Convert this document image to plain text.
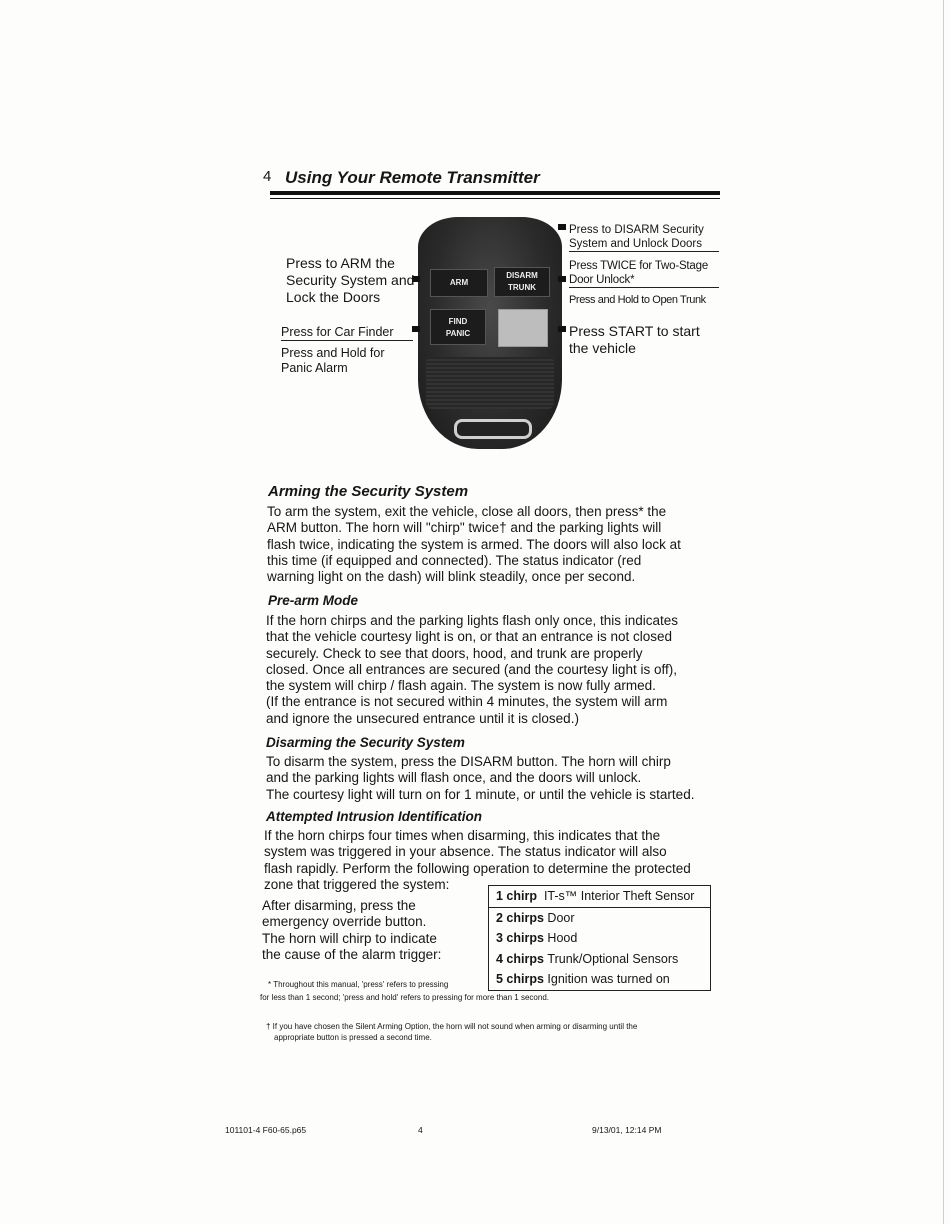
4 Using Your Remote Transmitter
ARM
DISARM
TRUNK
FIND
PANIC
Press to ARM the
Security System and
Lock the Doors
Press for Car Finder
Press and Hold for
Panic Alarm
Press to DISARM Security
System and Unlock Doors
Press TWICE for Two-Stage
Door Unlock*
Press and Hold to Open Trunk
Press START to start
the vehicle
Arming the Security System
To arm the system, exit the vehicle, close all doors, then press* the
ARM button. The horn will "chirp" twice† and the parking lights will
flash twice, indicating the system is armed. The doors will also lock at
this time (if equipped and connected). The status indicator (red
warning light on the dash) will blink steadily, once per second.
Pre-arm Mode
If the horn chirps and the parking lights flash only once, this indicates
that the vehicle courtesy light is on, or that an entrance is not closed
securely. Check to see that doors, hood, and trunk are properly
closed. Once all entrances are secured (and the courtesy light is off),
the system will chirp / flash again. The system is now fully armed.
(If the entrance is not secured within 4 minutes, the system will arm
and ignore the unsecured entrance until it is closed.)
Disarming the Security System
To disarm the system, press the DISARM button. The horn will chirp
and the parking lights will flash once, and the doors will unlock.
The courtesy light will turn on for 1 minute, or until the vehicle is started.
Attempted Intrusion Identification
If the horn chirps four times when disarming, this indicates that the
system was triggered in your absence. The status indicator will also
flash rapidly. Perform the following operation to determine the protected
zone that triggered the system:
After disarming, press the
emergency override button.
The horn will chirp to indicate
the cause of the alarm trigger:
1 chirp IT-s™ Interior Theft Sensor
2 chirps Door
3 chirps Hood
4 chirps Trunk/Optional Sensors
5 chirps Ignition was turned on
* Throughout this manual, 'press' refers to pressing
for less than 1 second; 'press and hold' refers to pressing for more than 1 second.
† If you have chosen the Silent Arming Option, the horn will not sound when arming or disarming until the
appropriate button is pressed a second time.
101101-4 F60-65.p65	4	9/13/01, 12:14 PM
